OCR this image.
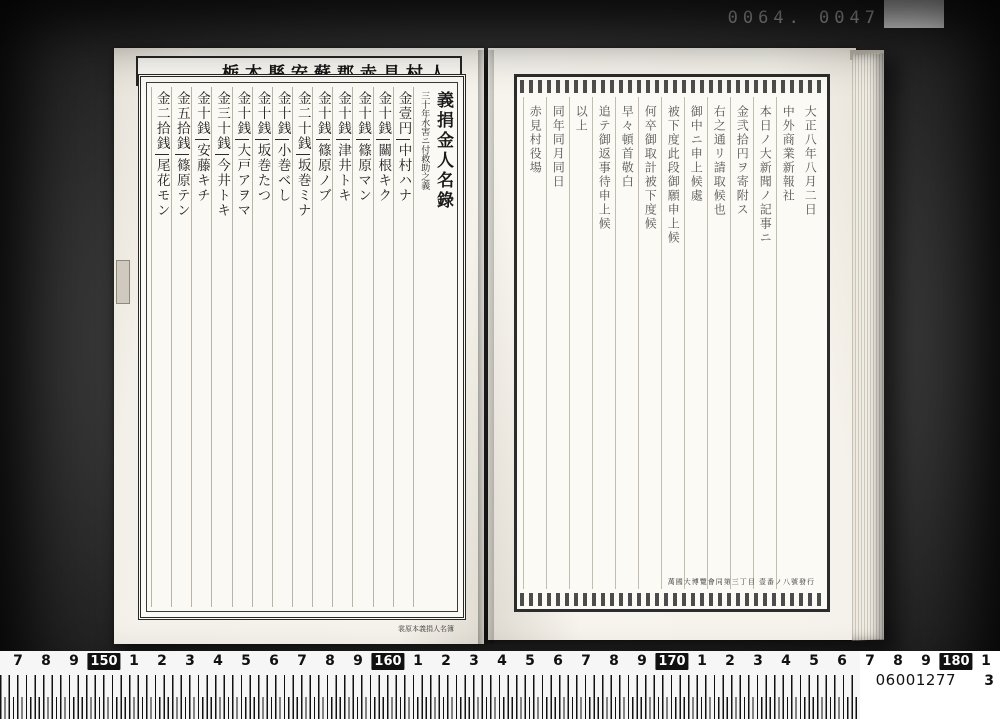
0064. 0047
義捐金人名錄
三十年水害ニ付救助之義
金壹円
中村ハナ
金十銭
關根キク
金十銭
篠原マン
金十銭
津井トキ
金十銭
篠原ノブ
金二十銭
坂巻ミナ
金十銭
小巻ベし
金十銭
坂巻たつ
金十銭
大戸アヲマ
金三十銭
今井トキ
金十銭
安藤キチ
金五拾銭
篠原テン
金二拾銭
尾花モン
裳原本義捐人名簿
大正八年八月二日
中外商業新報社
本日ノ大新聞ノ記事ニ
金弐拾円ヲ寄附ス
右之通リ請取候也
御中ニ申上候處
被下度此段御願申上候
何卒御取計被下度候
早々頓首敬白
追テ御返事待申上候
以上
同年同月同日
赤見村役場
萬國大博覽會同第三丁目 壹番ノ八號發行
7 8 9 150 1 2 3 4 5 6 7 8 9 160 1 2 3 4 5 6 7 8 9 170 1 2 3 4 5 6 7 8 9 180 1
06001277 3
